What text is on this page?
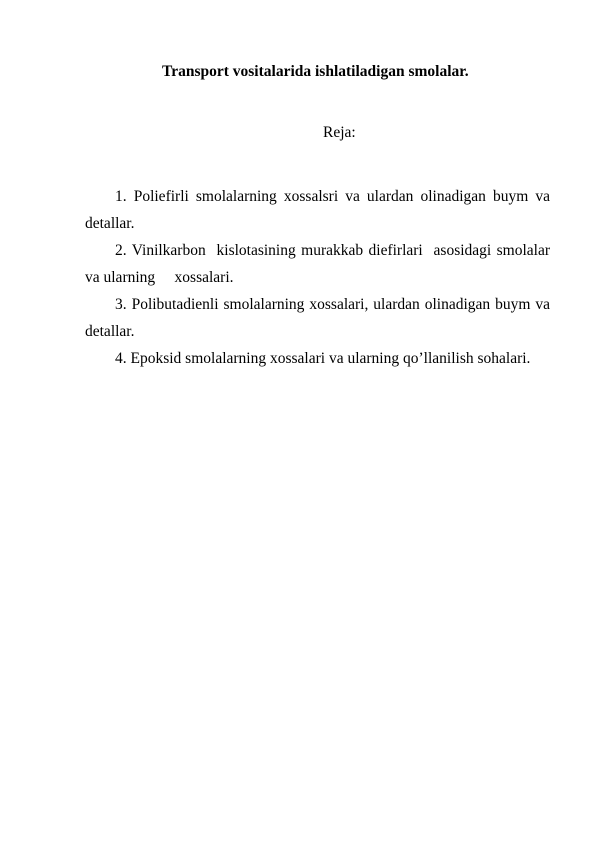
Transport vositalarida ishlatiladigan smolalar.
Reja:

1. Poliefirli smolalarning xossalsri va ulardan olinadigan buym va detallar.

2. Vinilkarbon  kislotasining murakkab diefirlari  asosidagi smolalar va ularning     xossalari.

3. Polibutadienli smolalarning xossalari, ulardan olinadigan buym va detallar.

4. Epoksid smolalarning xossalari va ularning qo’llanilish sohalari.
